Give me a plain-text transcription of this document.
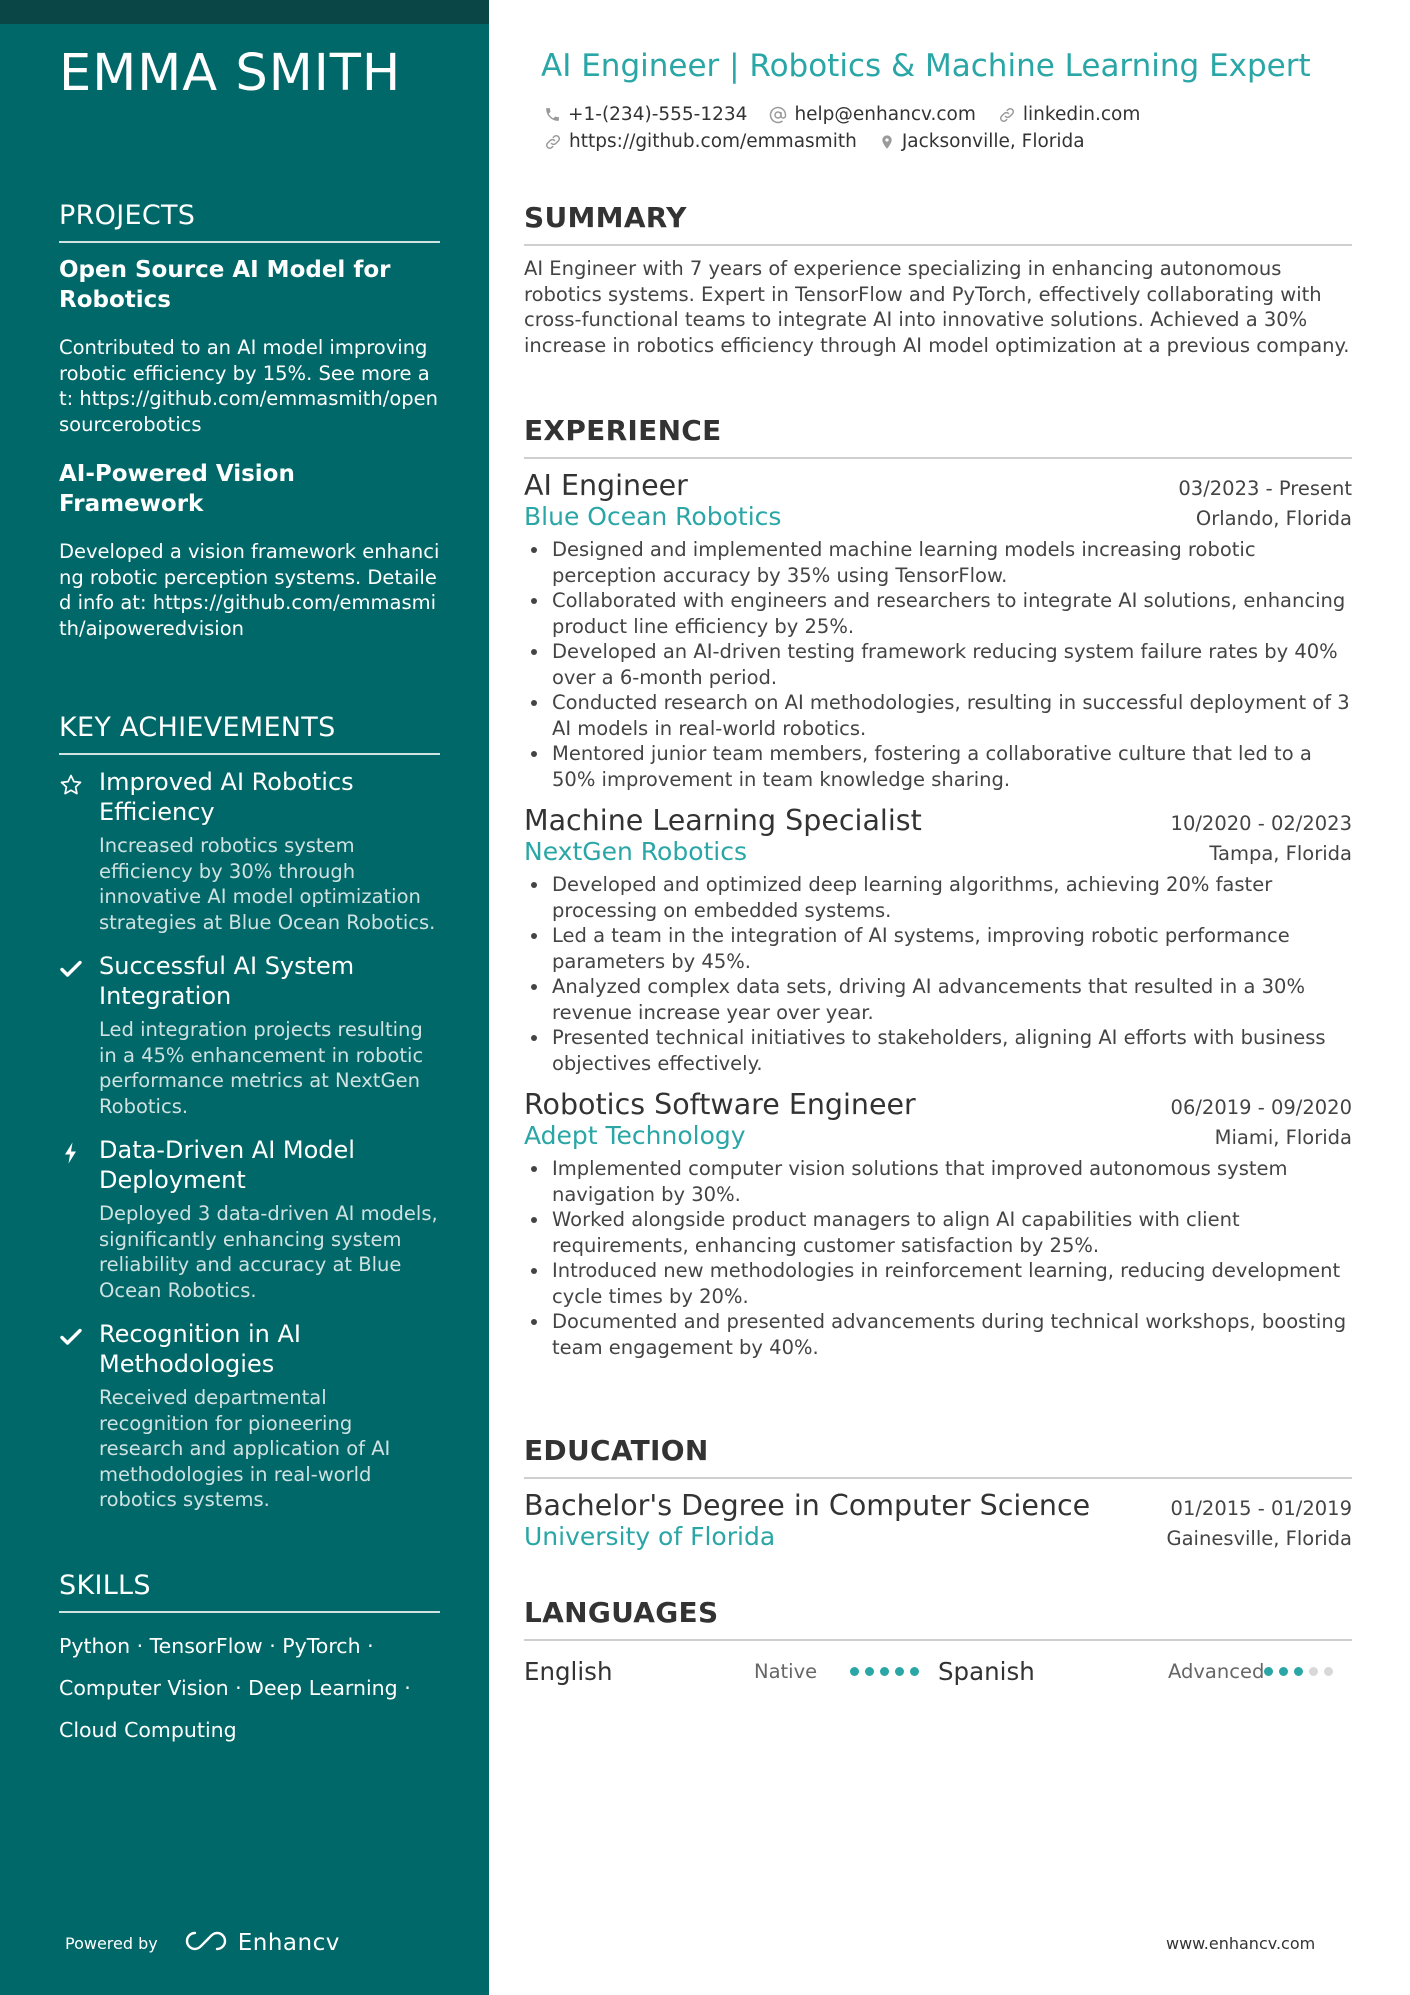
EMMA SMITH
PROJECTS
Open Source AI Model for Robotics
Contributed to an AI model improving robotic efficiency by 15%. See more at: https://github.com/emmasmith/opensourcerobotics
AI-Powered Vision Framework
Developed a vision framework enhancing robotic perception systems. Detailed info at: https://github.com/emmasmith/aipoweredvision
KEY ACHIEVEMENTS
Improved AI Robotics Efficiency
Increased robotics system efficiency by 30% through innovative AI model optimization strategies at Blue Ocean Robotics.
Successful AI System Integration
Led integration projects resulting in a 45% enhancement in robotic performance metrics at NextGen Robotics.
Data-Driven AI Model Deployment
Deployed 3 data-driven AI models, significantly enhancing system reliability and accuracy at Blue Ocean Robotics.
Recognition in AI Methodologies
Received departmental recognition for pioneering research and application of AI methodologies in real-world robotics systems.
SKILLS
Python · TensorFlow · PyTorch ·
Computer Vision · Deep Learning ·
Cloud Computing
Powered by	Enhancv
AI Engineer | Robotics & Machine Learning Expert
+1-(234)-555-1234	help@enhancv.com	linkedin.com
https://github.com/emmasmith Jacksonville, Florida
SUMMARY

AI Engineer with 7 years of experience specializing in enhancing autonomous robotics systems. Expert in TensorFlow and PyTorch, effectively collaborating with cross-functional teams to integrate AI into innovative solutions. Achieved a 30% increase in robotics efficiency through AI model optimization at a previous company.

EXPERIENCE
AI Engineer	03/2023 - Present
Blue Ocean Robotics	Orlando, Florida
Designed and implemented machine learning models increasing robotic perception accuracy by 35% using TensorFlow.
Collaborated with engineers and researchers to integrate AI solutions, enhancing product line efficiency by 25%.
Developed an AI-driven testing framework reducing system failure rates by 40% over a 6-month period.
Conducted research on AI methodologies, resulting in successful deployment of 3 AI models in real-world robotics.
Mentored junior team members, fostering a collaborative culture that led to a 50% improvement in team knowledge sharing.
Machine Learning Specialist	10/2020 - 02/2023
NextGen Robotics	Tampa, Florida
Developed and optimized deep learning algorithms, achieving 20% faster processing on embedded systems.
Led a team in the integration of AI systems, improving robotic performance parameters by 45%.
Analyzed complex data sets, driving AI advancements that resulted in a 30% revenue increase year over year.
Presented technical initiatives to stakeholders, aligning AI efforts with business objectives effectively.
Robotics Software Engineer	06/2019 - 09/2020
Adept Technology	Miami, Florida
Implemented computer vision solutions that improved autonomous system navigation by 30%.
Worked alongside product managers to align AI capabilities with client requirements, enhancing customer satisfaction by 25%.
Introduced new methodologies in reinforcement learning, reducing development cycle times by 20%.
Documented and presented advancements during technical workshops, boosting team engagement by 40%.
EDUCATION
Bachelor's Degree in Computer Science	01/2015 - 01/2019
University of Florida	Gainesville, Florida
LANGUAGES
English	Native	Spanish	Advanced
www.enhancv.com
